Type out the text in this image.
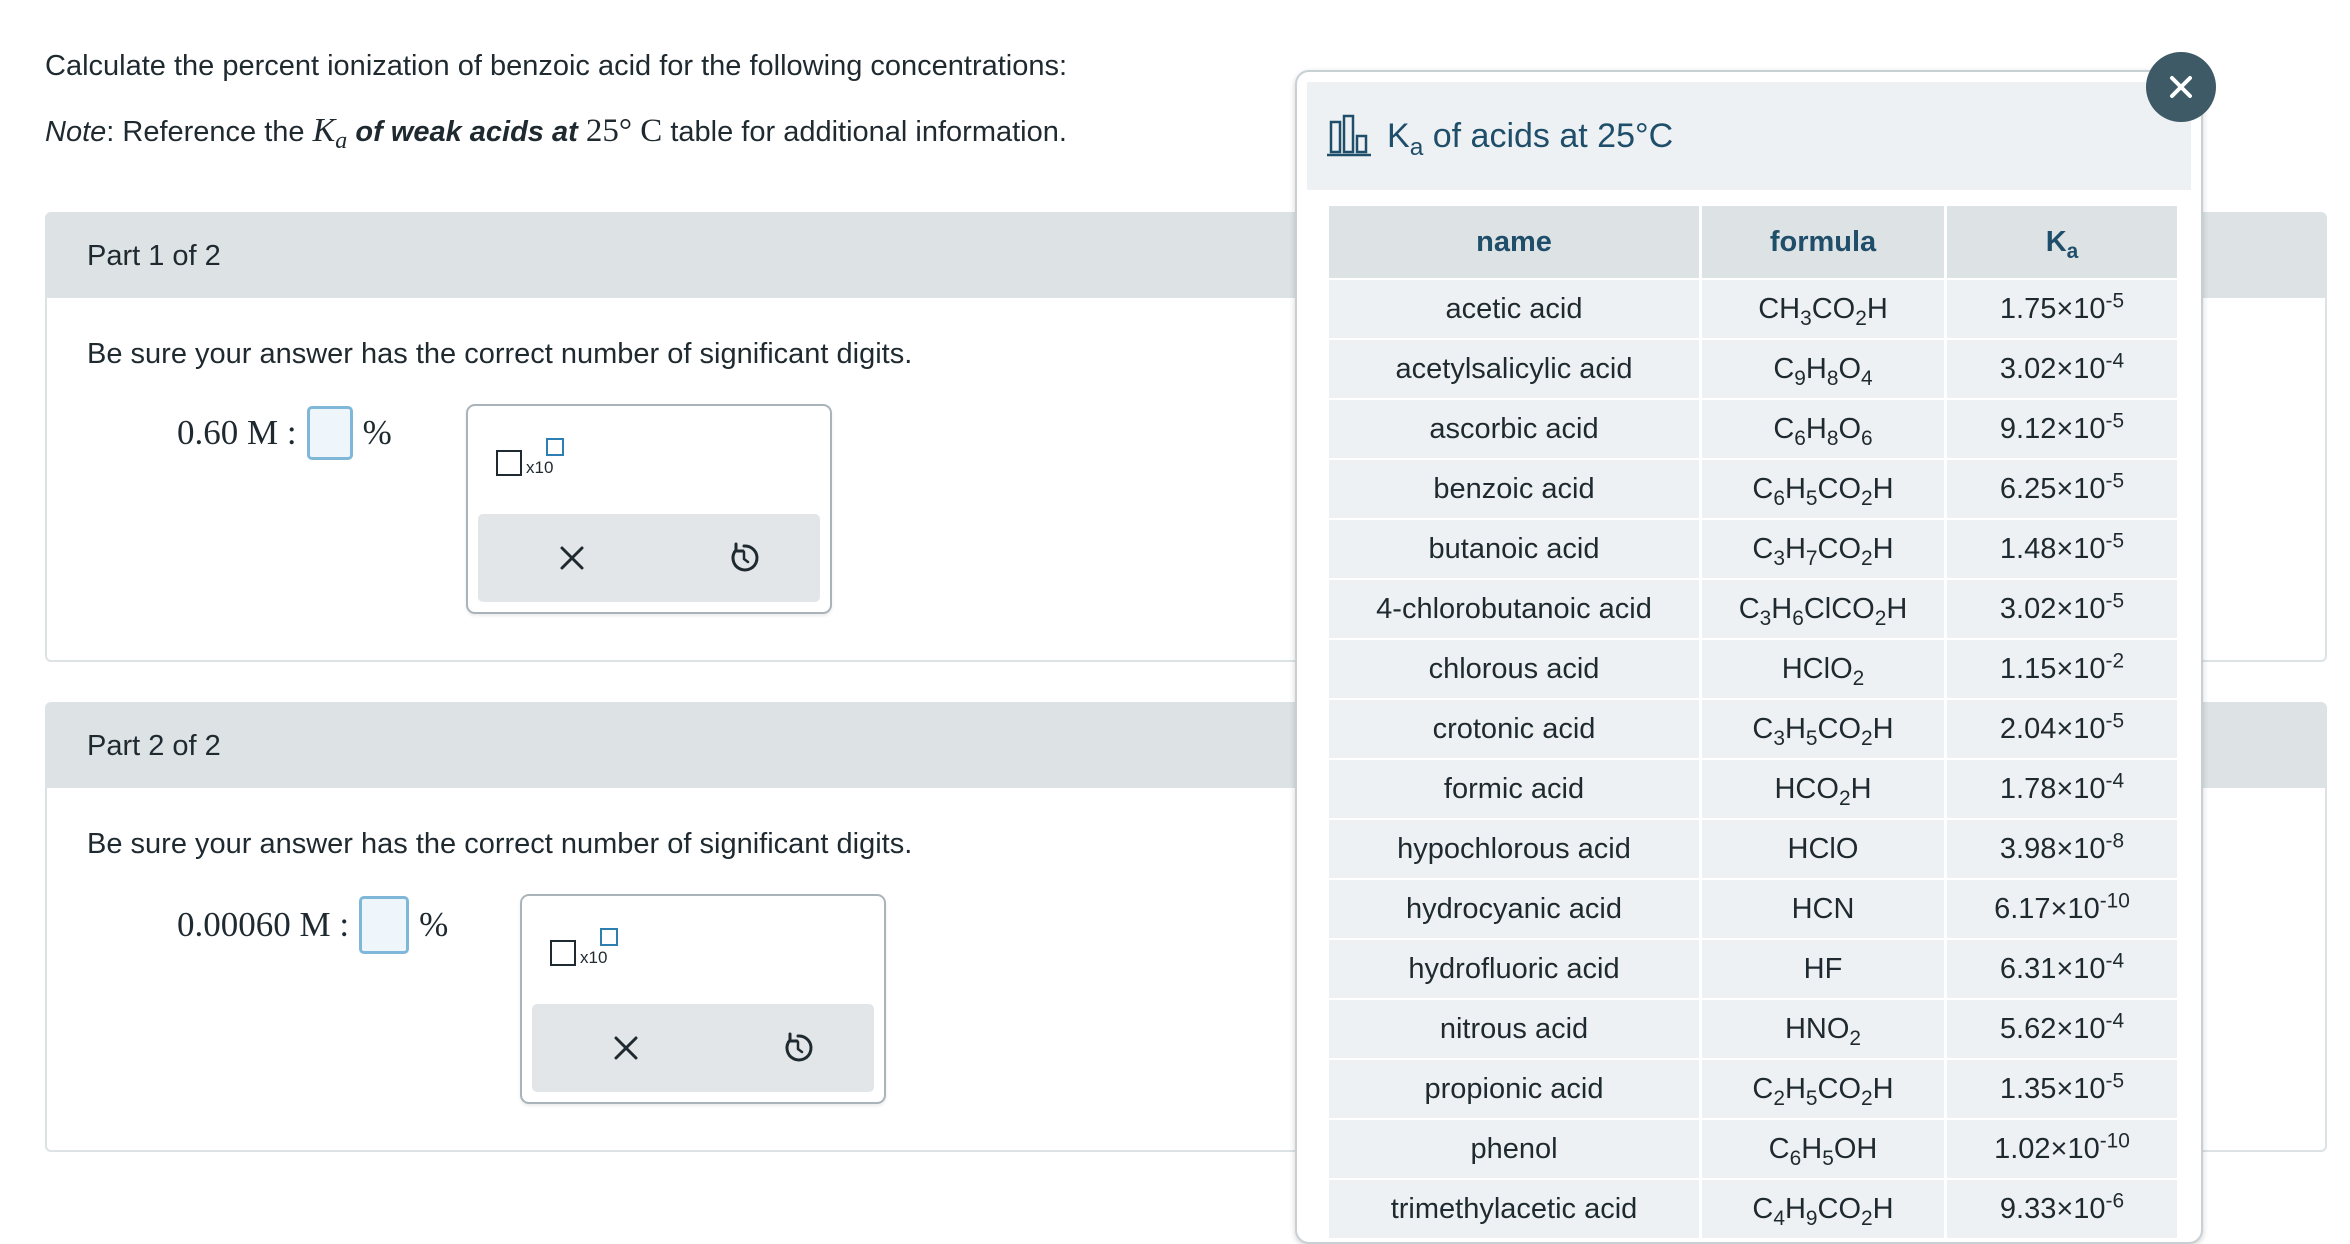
Calculate the percent ionization of benzoic acid for the following concentrations:
Note: Reference the $K_a$ of weak acids at 25° C table for additional information.
Part 1 of 2
Be sure your answer has the correct number of significant digits.
0.60 M : %
x10
Part 2 of 2
Be sure your answer has the correct number of significant digits.
0.00060 M : %
x10
$K_a$ of acids at 25°C
name	formula	$K_a$
acetic acid	$CH_3CO_2H$	$1.75\times 10^{-5}$
acetylsalicylic acid	$C_9H_8O_4$	$3.02\times 10^{-4}$
ascorbic acid	$C_6H_8O_6$	$9.12\times 10^{-5}$
benzoic acid	$C_6H_5CO_2H$	$6.25\times 10^{-5}$
butanoic acid	$C_3H_7CO_2H$	$1.48\times 10^{-5}$
4-chlorobutanoic acid	$C_3H_6ClCO_2H$	$3.02\times 10^{-5}$
chlorous acid	HClO$_2$	$1.15\times 10^{-2}$
crotonic acid	$C_3H_5CO_2H$	$2.04\times 10^{-5}$
formic acid	$HCO_2H$	$1.78\times 10^{-4}$
hypochlorous acid	HClO	$3.98\times 10^{-8}$
hydrocyanic acid	HCN	$6.17\times 10^{-10}$
hydrofluoric acid	HF	$6.31\times 10^{-4}$
nitrous acid	$HNO_2$	$5.62\times 10^{-4}$
propionic acid	$C_2H_5CO_2H$	$1.35\times 10^{-5}$
phenol	$C_6H_5OH$	$1.02\times 10^{-10}$
trimethylacetic acid	$C_4H_9CO_2H$	$9.33\times 10^{-6}$
